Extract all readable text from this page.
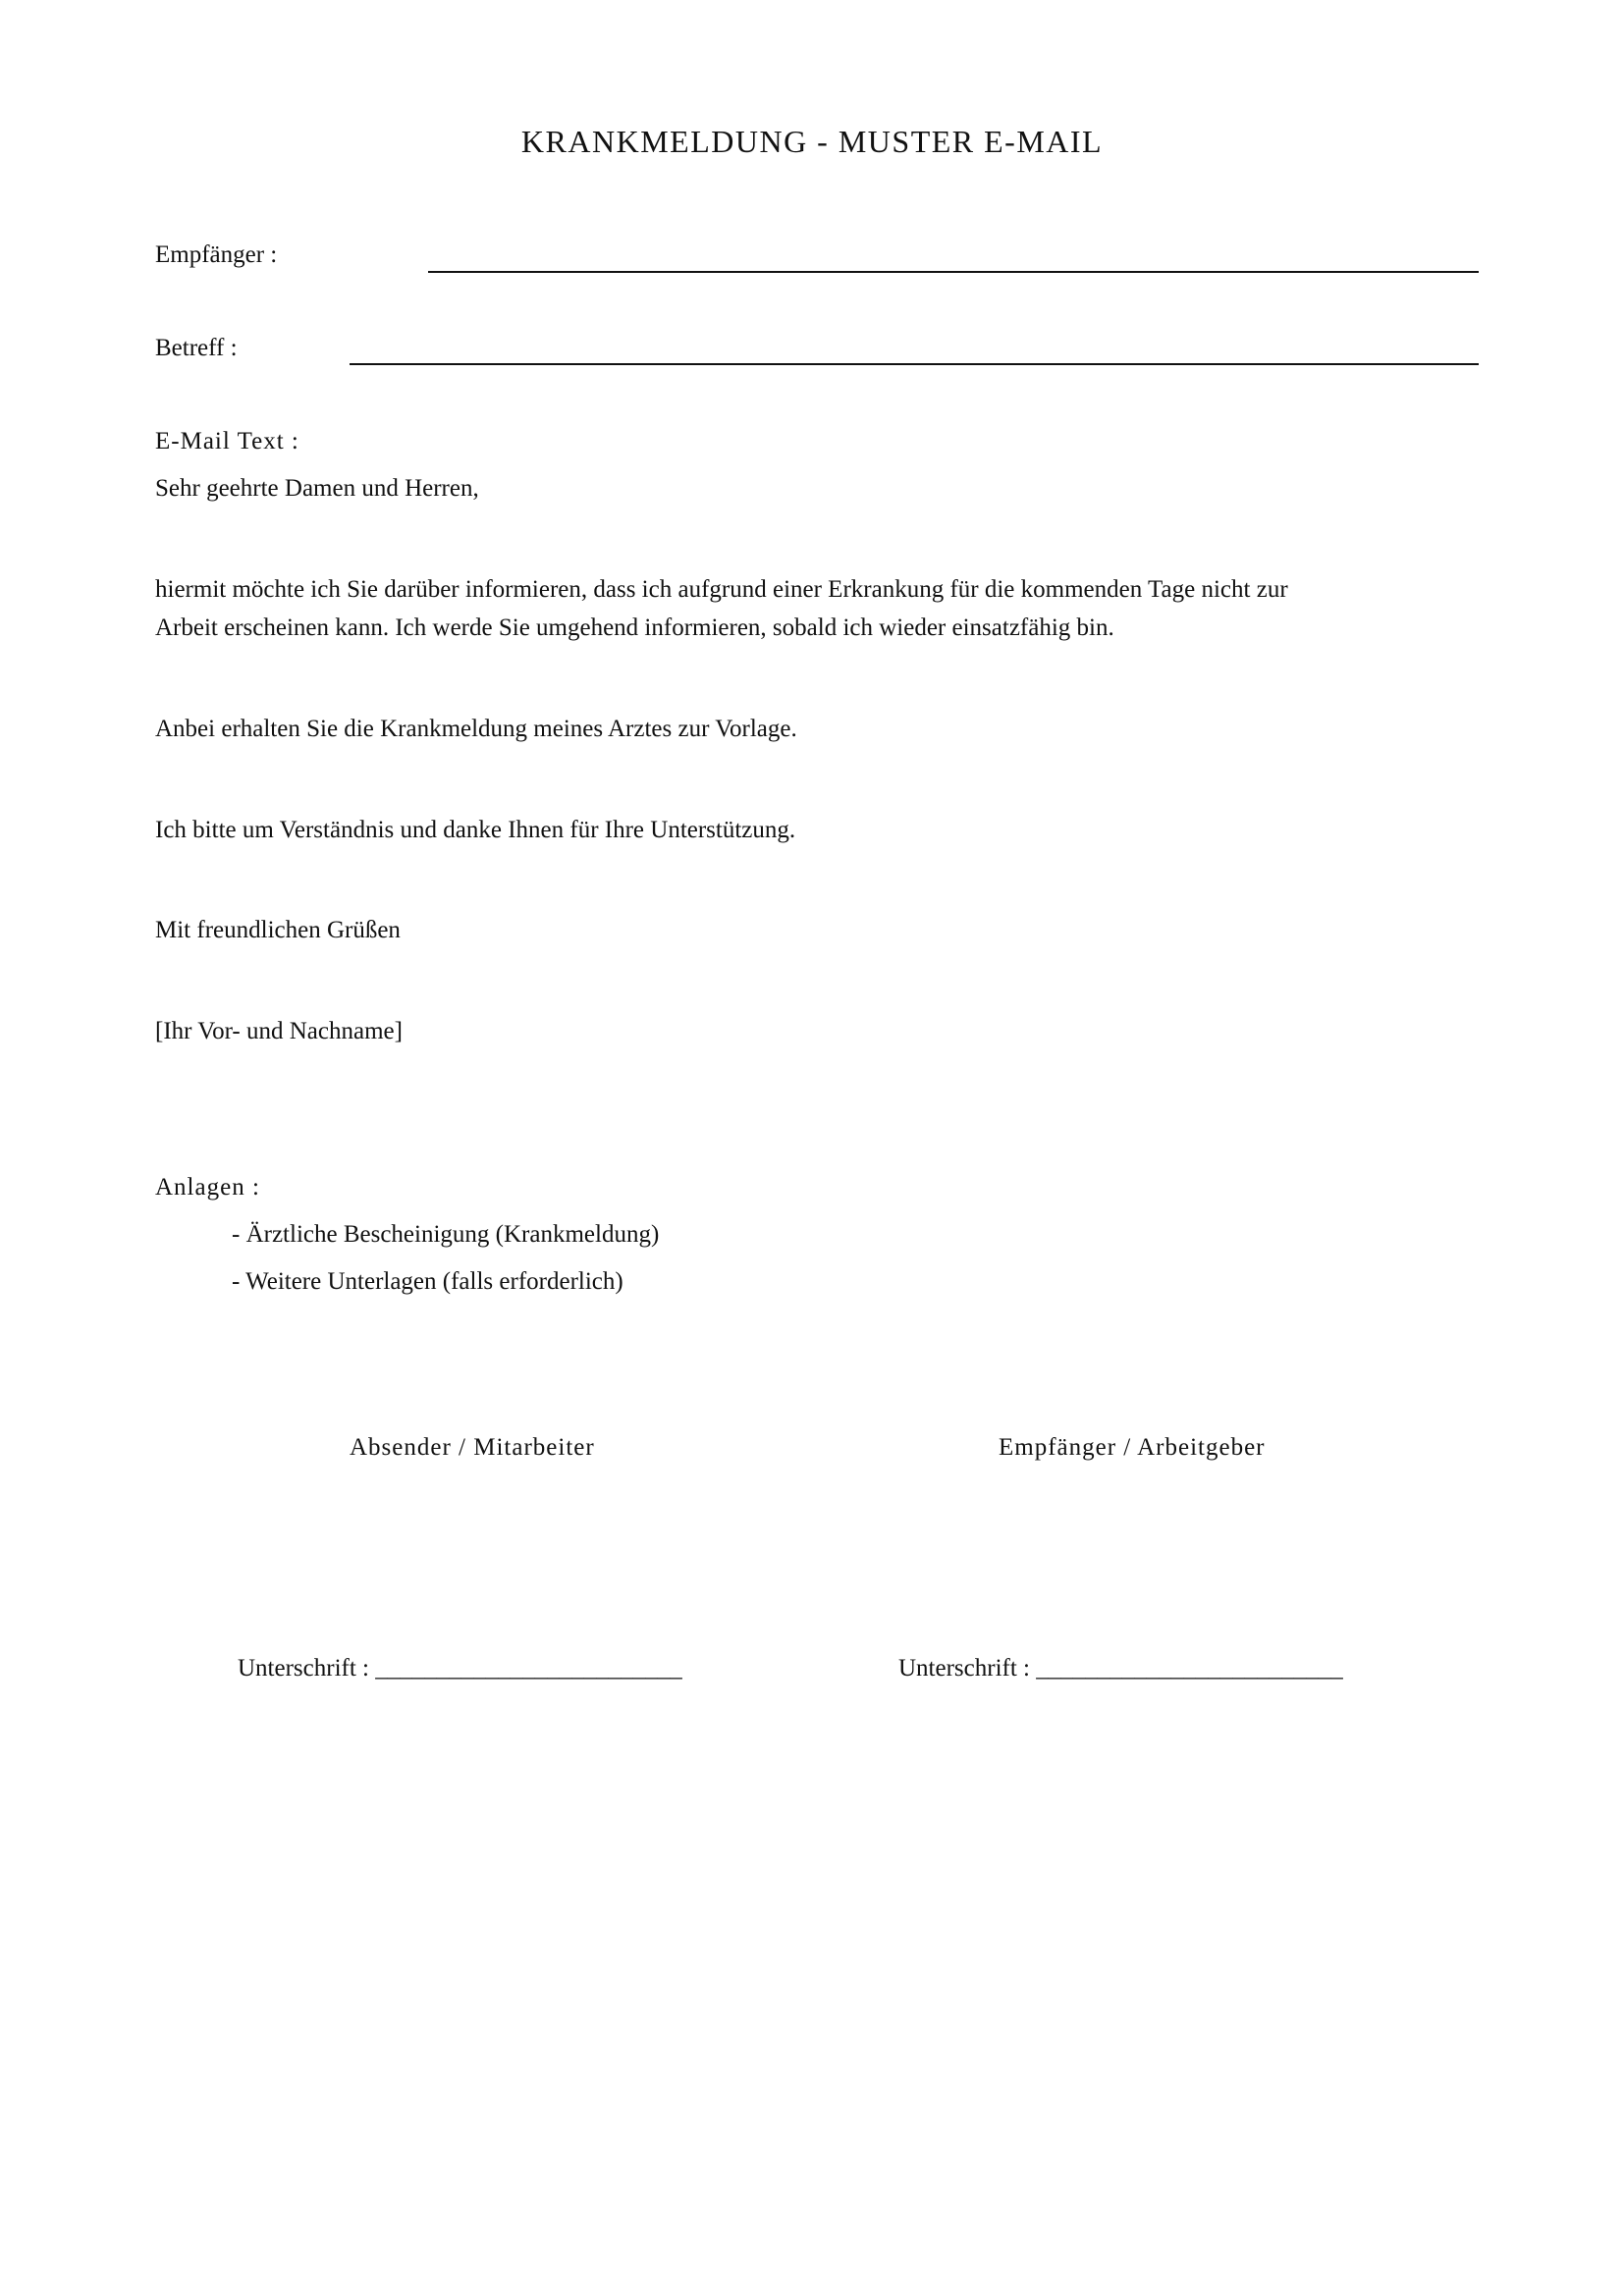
KRANKMELDUNG - MUSTER E-MAIL
Empfänger :
Betreff :
E-Mail Text :
Sehr geehrte Damen und Herren,
hiermit möchte ich Sie darüber informieren, dass ich aufgrund einer Erkrankung für die kommenden Tage nicht zur
Arbeit erscheinen kann. Ich werde Sie umgehend informieren, sobald ich wieder einsatzfähig bin.
Anbei erhalten Sie die Krankmeldung meines Arztes zur Vorlage.
Ich bitte um Verständnis und danke Ihnen für Ihre Unterstützung.
Mit freundlichen Grüßen
[Ihr Vor- und Nachname]
Anlagen :
- Ärztliche Bescheinigung (Krankmeldung)
- Weitere Unterlagen (falls erforderlich)
Absender / Mitarbeiter	Empfänger / Arbeitgeber
Unterschrift : _________________________	Unterschrift : _________________________
